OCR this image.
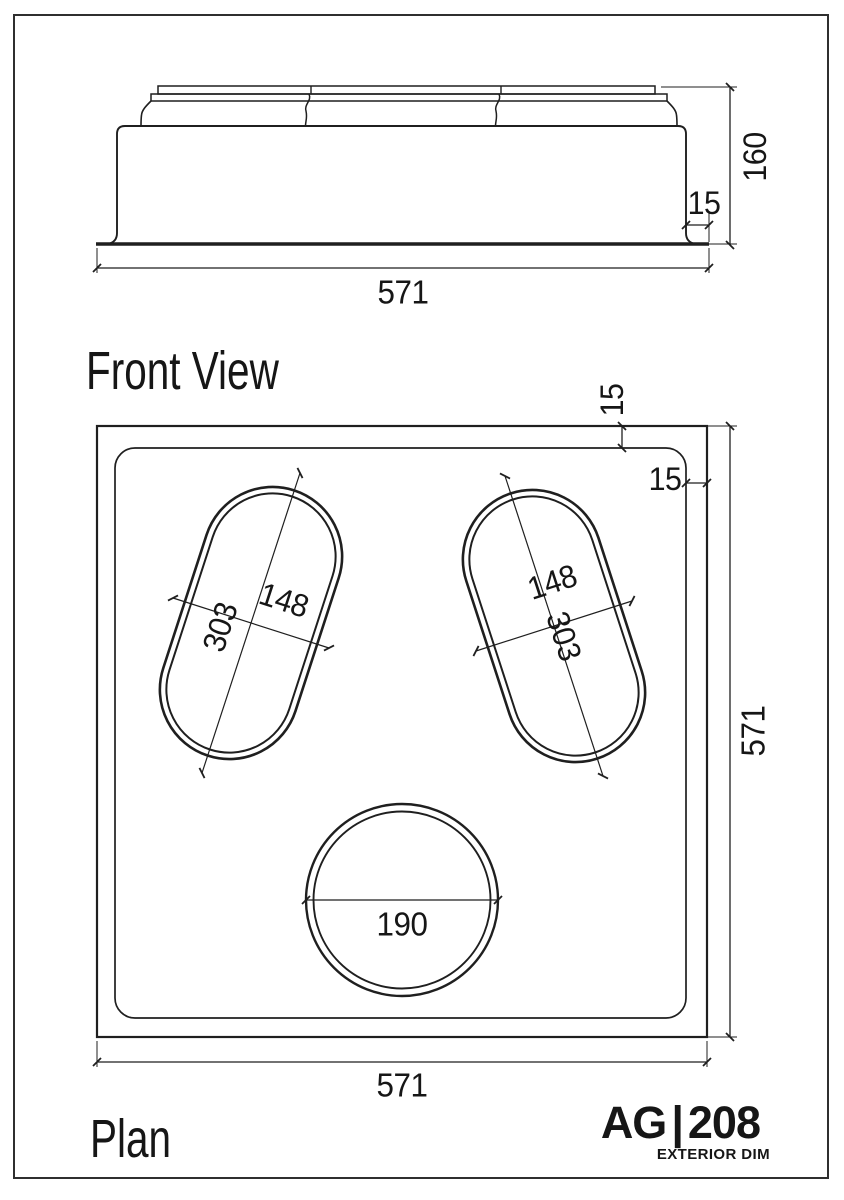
571
160
15
Front View	15
15
571
571
148
303
148
303
190
Plan	AG | 208
EXTERIOR DIM
